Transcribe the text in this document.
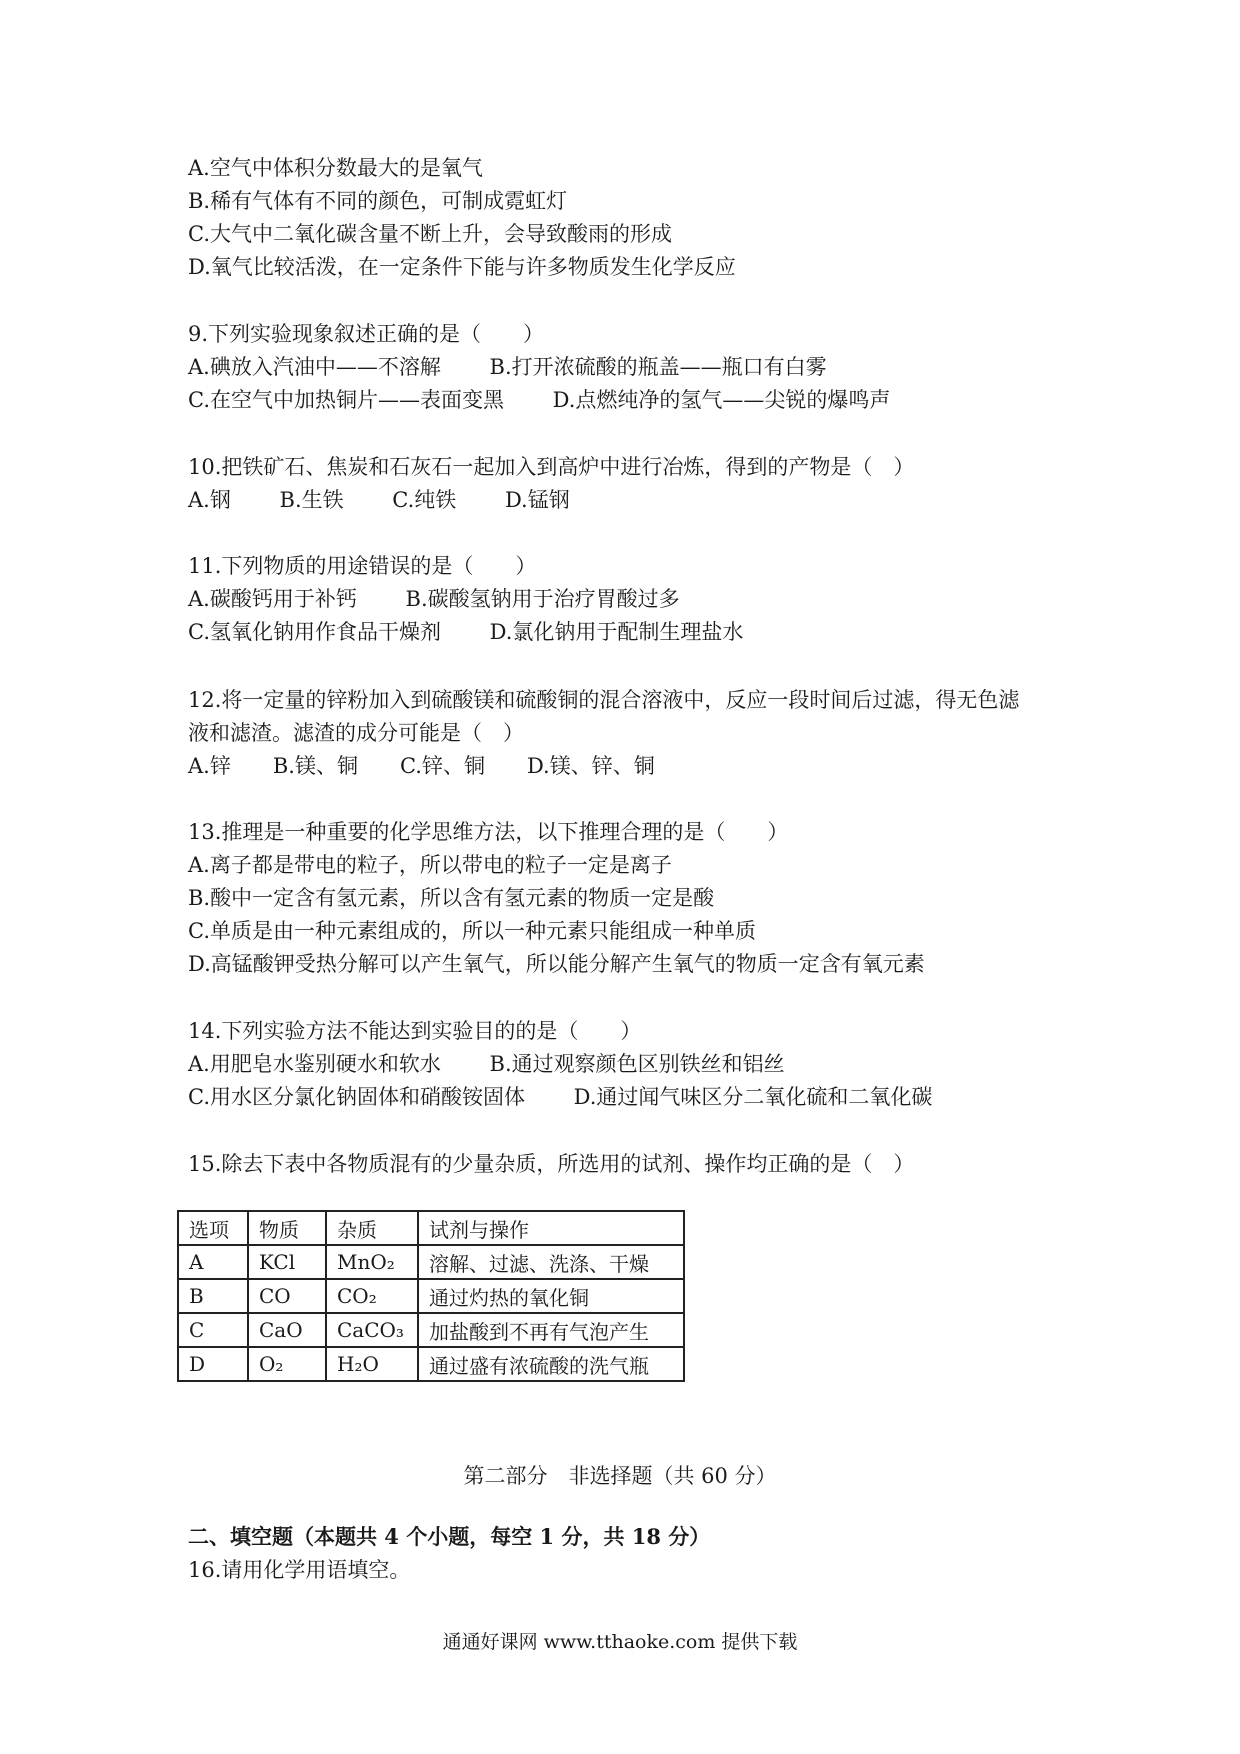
A.空气中体积分数最大的是氧气
B.稀有气体有不同的颜色，可制成霓虹灯
C.大气中二氧化碳含量不断上升，会导致酸雨的形成
D.氧气比较活泼，在一定条件下能与许多物质发生化学反应
9.下列实验现象叙述正确的是（　　）
A.碘放入汽油中——不溶解　　 B.打开浓硫酸的瓶盖——瓶口有白雾
C.在空气中加热铜片——表面变黑　　 D.点燃纯净的氢气——尖锐的爆鸣声
10.把铁矿石、焦炭和石灰石一起加入到高炉中进行冶炼，得到的产物是（　）
A.钢　　 B.生铁　　 C.纯铁　　 D.锰钢
11.下列物质的用途错误的是（　　）
A.碳酸钙用于补钙　　 B.碳酸氢钠用于治疗胃酸过多
C.氢氧化钠用作食品干燥剂　　 D.氯化钠用于配制生理盐水
12.将一定量的锌粉加入到硫酸镁和硫酸铜的混合溶液中，反应一段时间后过滤，得无色滤
液和滤渣。滤渣的成分可能是（　）
A.锌　　B.镁、铜　　C.锌、铜　　D.镁、锌、铜
13.推理是一种重要的化学思维方法，以下推理合理的是（　　）
A.离子都是带电的粒子，所以带电的粒子一定是离子
B.酸中一定含有氢元素，所以含有氢元素的物质一定是酸
C.单质是由一种元素组成的，所以一种元素只能组成一种单质
D.高锰酸钾受热分解可以产生氧气，所以能分解产生氧气的物质一定含有氧元素
14.下列实验方法不能达到实验目的的是（　　）
A.用肥皂水鉴别硬水和软水　　 B.通过观察颜色区别铁丝和铝丝
C.用水区分氯化钠固体和硝酸铵固体　　 D.通过闻气味区分二氧化硫和二氧化碳
15.除去下表中各物质混有的少量杂质，所选用的试剂、操作均正确的是（　）
选项	物质	杂质	试剂与操作
A	KCl	MnO₂	溶解、过滤、洗涤、干燥
B	CO	CO₂	通过灼热的氧化铜
C	CaO	CaCO₃	加盐酸到不再有气泡产生
D	O₂	H₂O	通过盛有浓硫酸的洗气瓶
第二部分　非选择题（共 60 分）
二、填空题（本题共 4 个小题，每空 1 分，共 18 分）
16.请用化学用语填空。
通通好课网 www.tthaoke.com 提供下载
